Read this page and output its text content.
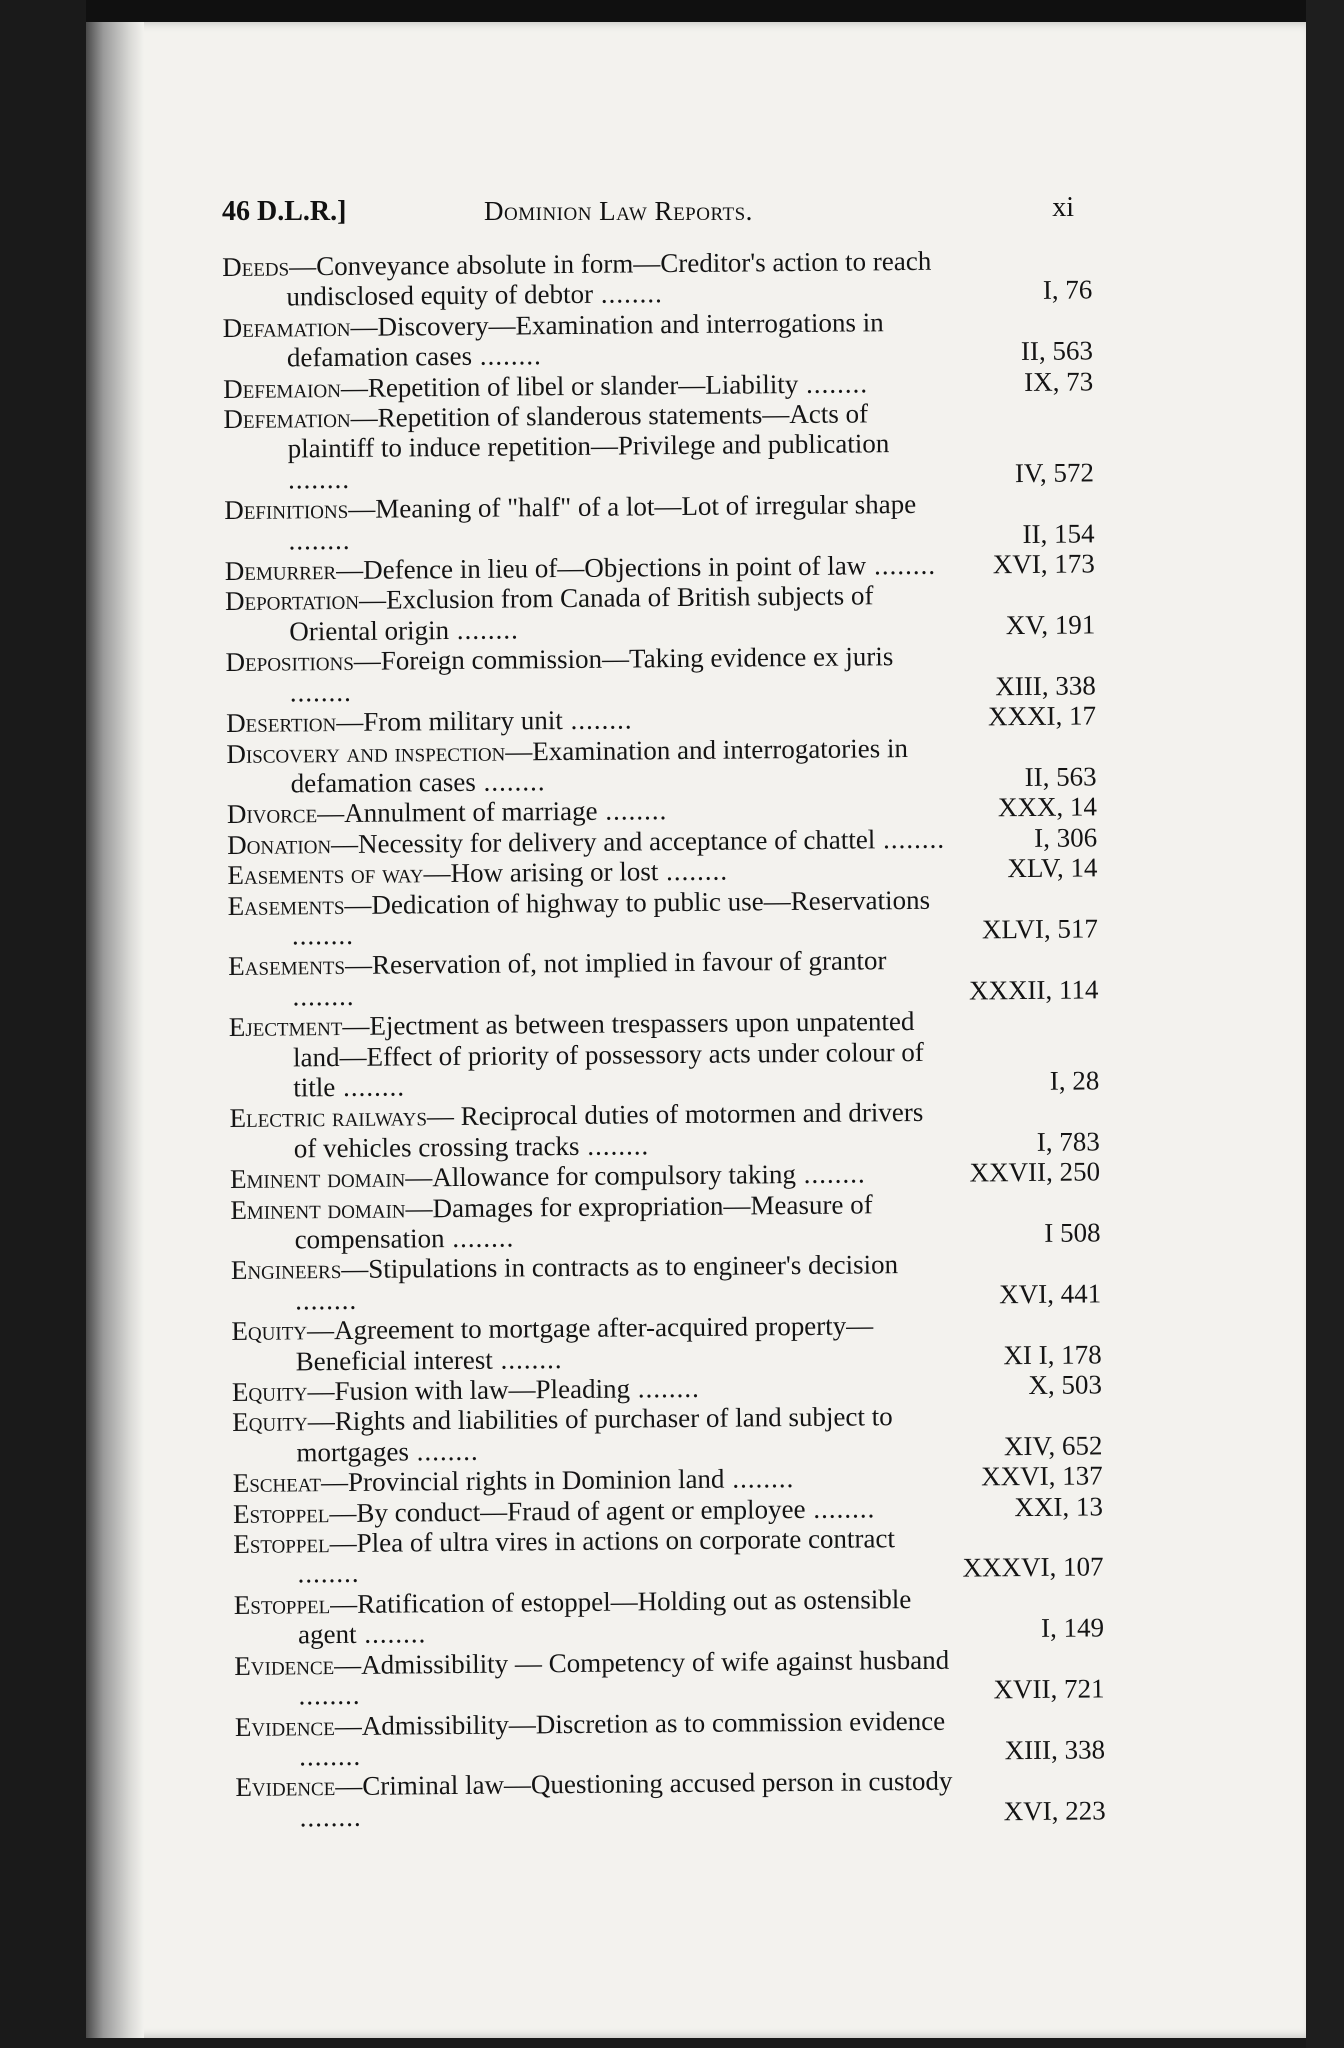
46 D.L.R.]	Dominion Law Reports.	xi
Deeds—Conveyance absolute in form—Creditor's action to reach undisclosed equity of debtor ........	I, 76
Defamation—Discovery—Examination and interrogations in defamation cases ........	II, 563
Defemaion—Repetition of libel or slander—Liability ........	IX, 73
Defemation—Repetition of slanderous statements—Acts of plaintiff to induce repetition—Privilege and publication ........	IV, 572
Definitions—Meaning of "half" of a lot—Lot of irregular shape ........	II, 154
Demurrer—Defence in lieu of—Objections in point of law ........	XVI, 173
Deportation—Exclusion from Canada of British subjects of Oriental origin ........	XV, 191
Depositions—Foreign commission—Taking evidence ex juris ........	XIII, 338
Desertion—From military unit ........	XXXI, 17
Discovery and inspection—Examination and interrogatories in defamation cases ........	II, 563
Divorce—Annulment of marriage ........	XXX, 14
Donation—Necessity for delivery and acceptance of chattel ........	I, 306
Easements of way—How arising or lost ........	XLV, 14
Easements—Dedication of highway to public use—Reservations ........	XLVI, 517
Easements—Reservation of, not implied in favour of grantor ........	XXXII, 114
Ejectment—Ejectment as between trespassers upon unpatented land—Effect of priority of possessory acts under colour of title ........	I, 28
Electric railways— Reciprocal duties of motormen and drivers of vehicles crossing tracks ........	I, 783
Eminent domain—Allowance for compulsory taking ........	XXVII, 250
Eminent domain—Damages for expropriation—Measure of compensation ........	I 508
Engineers—Stipulations in contracts as to engineer's decision ........	XVI, 441
Equity—Agreement to mortgage after-acquired property—Beneficial interest ........	XI I, 178
Equity—Fusion with law—Pleading ........	X, 503
Equity—Rights and liabilities of purchaser of land subject to mortgages ........	XIV, 652
Escheat—Provincial rights in Dominion land ........	XXVI, 137
Estoppel—By conduct—Fraud of agent or employee ........	XXI, 13
Estoppel—Plea of ultra vires in actions on corporate contract ........	XXXVI, 107
Estoppel—Ratification of estoppel—Holding out as ostensible agent ........	I, 149
Evidence—Admissibility — Competency of wife against husband ........	XVII, 721
Evidence—Admissibility—Discretion as to commission evidence ........	XIII, 338
Evidence—Criminal law—Questioning accused person in custody ........	XVI, 223
